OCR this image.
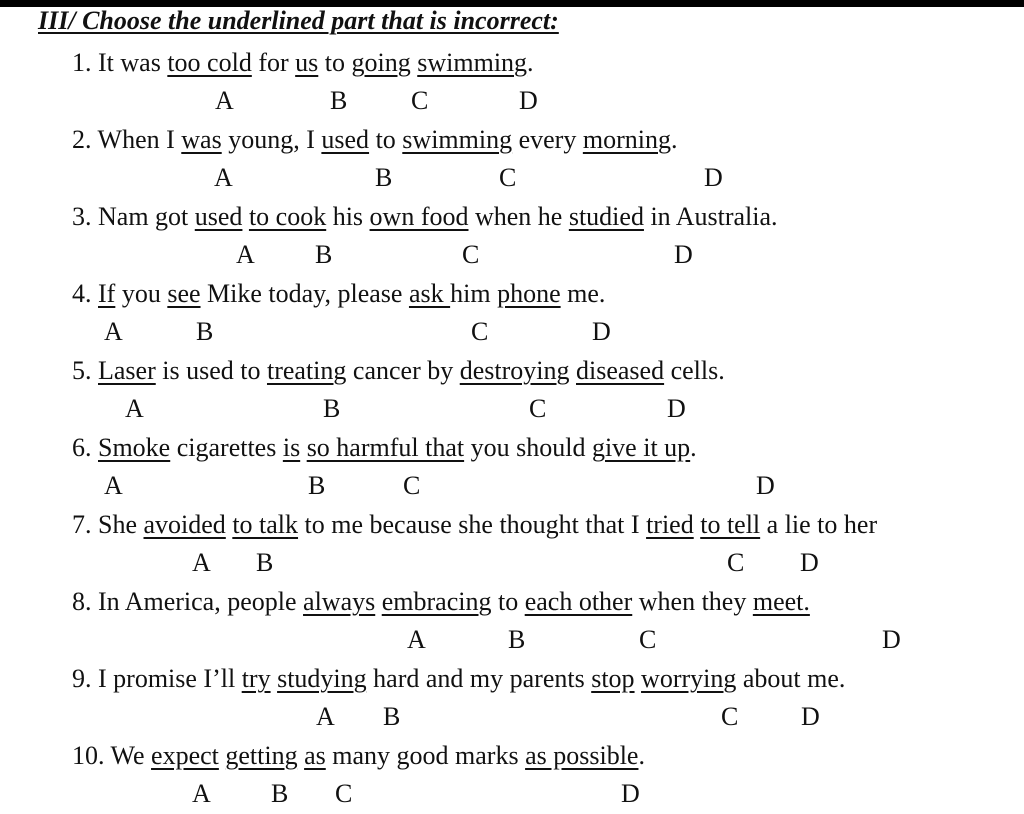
III/ Choose the underlined part that is incorrect:
1. It was too cold for us to going swimming.
A	B C	D
2. When I was young, I used to swimming every morning.
A	B	C	D
3. Nam got used to cook his own food when he studied in Australia.
A B	C	D
4. If you see Mike today, please ask him phone me.
A	B	C	D
5. Laser is used to treating cancer by destroying diseased cells.
A	B	C	D
6. Smoke cigarettes is so harmful that you should give it up.
A	B	C	D
7. She avoided to talk to me because she thought that I tried to tell a lie to her
A B	C D
8. In America, people always embracing to each other when they meet.
A	B	C	D
9. I promise I’ll try studying hard and my parents stop worrying about me.
A B	C D
10. We expect getting as many good marks as possible.
A B C	D
